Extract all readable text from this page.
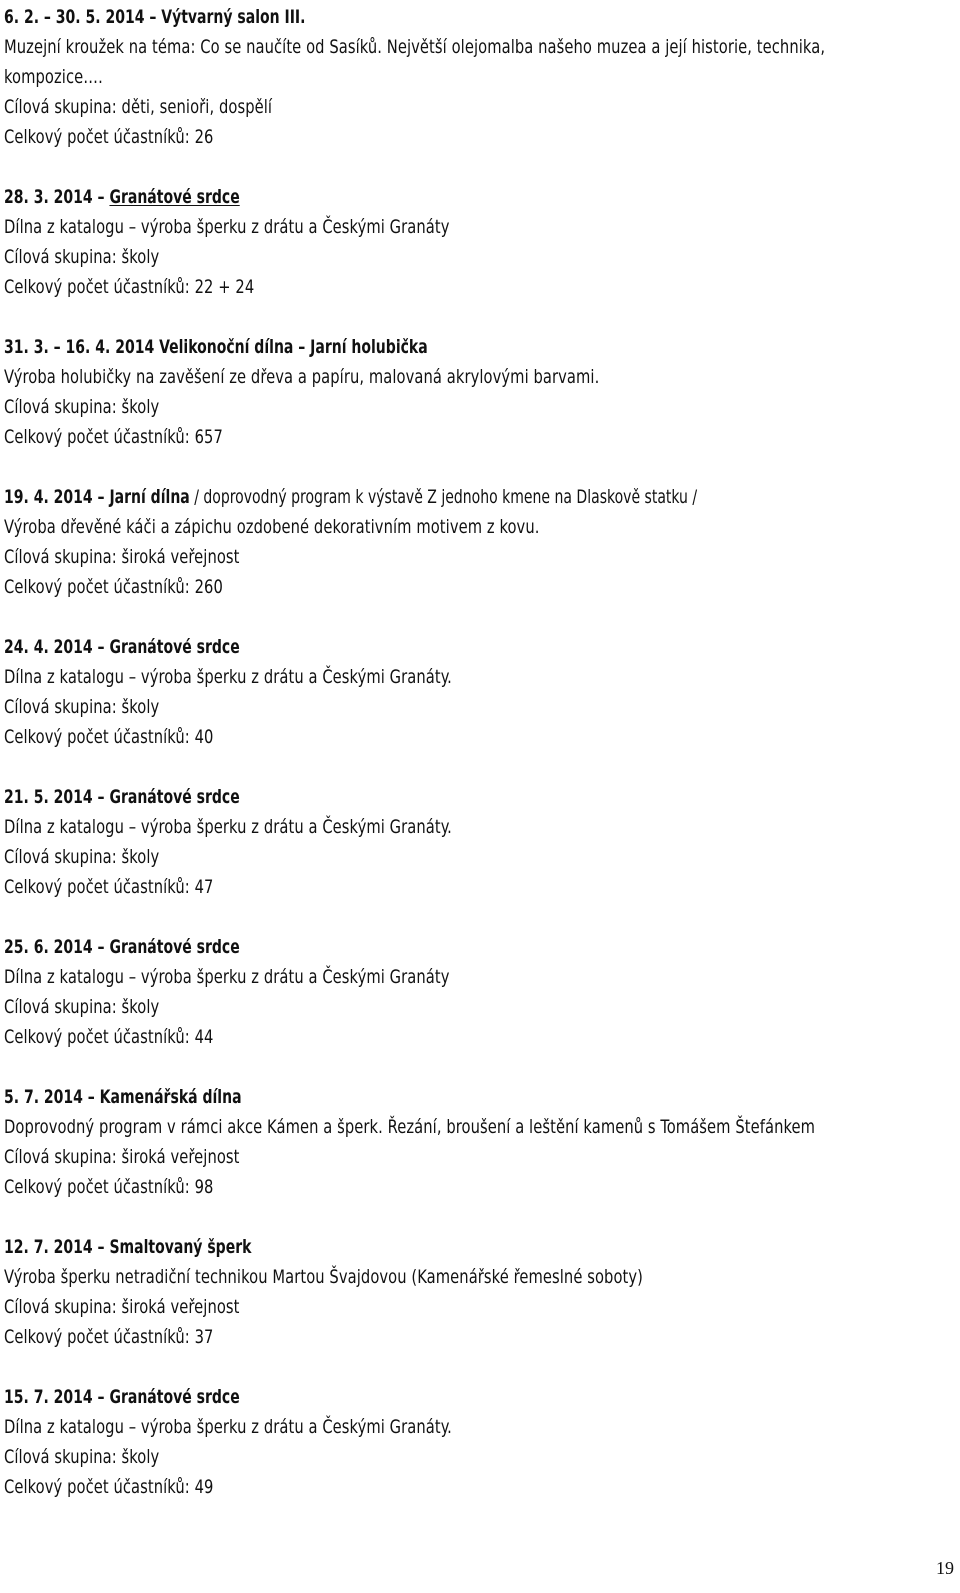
6. 2. – 30. 5. 2014 – Výtvarný salon III.
Muzejní kroužek na téma: Co se naučíte od Sasíků. Největší olejomalba našeho muzea a její historie, technika,
kompozice….
Cílová skupina: děti, senioři, dospělí
Celkový počet účastníků: 26
28. 3. 2014 – Granátové srdce
Dílna z katalogu – výroba šperku z drátu a Českými Granáty
Cílová skupina: školy
Celkový počet účastníků: 22 + 24
31. 3. – 16. 4. 2014 Velikonoční dílna – Jarní holubička
Výroba holubičky na zavěšení ze dřeva a papíru, malovaná akrylovými barvami.
Cílová skupina: školy
Celkový počet účastníků: 657
19. 4. 2014 – Jarní dílna / doprovodný program k výstavě Z jednoho kmene na Dlaskově statku /
Výroba dřevěné káči a zápichu ozdobené dekorativním motivem z kovu.
Cílová skupina: široká veřejnost
Celkový počet účastníků: 260
24. 4. 2014 – Granátové srdce
Dílna z katalogu – výroba šperku z drátu a Českými Granáty.
Cílová skupina: školy
Celkový počet účastníků: 40
21. 5. 2014 – Granátové srdce
Dílna z katalogu – výroba šperku z drátu a Českými Granáty.
Cílová skupina: školy
Celkový počet účastníků: 47
25. 6. 2014 – Granátové srdce
Dílna z katalogu – výroba šperku z drátu a Českými Granáty
Cílová skupina: školy
Celkový počet účastníků: 44
5. 7. 2014 – Kamenářská dílna
Doprovodný program v rámci akce Kámen a šperk. Řezání, broušení a leštění kamenů s Tomášem Štefánkem
Cílová skupina: široká veřejnost
Celkový počet účastníků: 98
12. 7. 2014 – Smaltovaný šperk
Výroba šperku netradiční technikou Martou Švajdovou (Kamenářské řemeslné soboty)
Cílová skupina: široká veřejnost
Celkový počet účastníků: 37
15. 7. 2014 – Granátové srdce
Dílna z katalogu – výroba šperku z drátu a Českými Granáty.
Cílová skupina: školy
Celkový počet účastníků: 49
19
